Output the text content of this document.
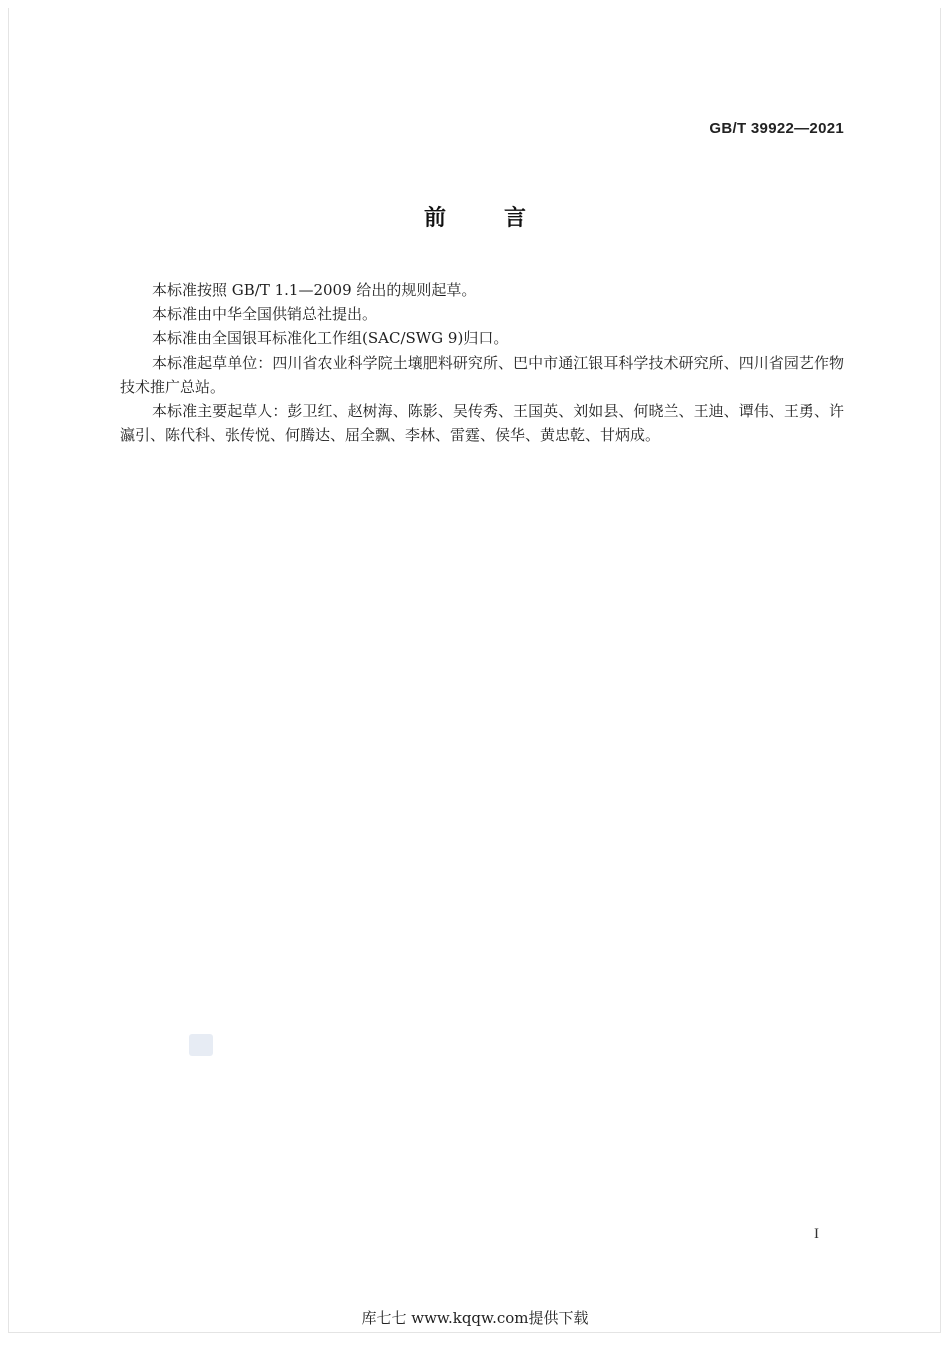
GB/T 39922—2021
前	言

本标准按照 GB/T 1.1—2009 给出的规则起草。

本标准由中华全国供销总社提出。

本标准由全国银耳标准化工作组(SAC/SWG 9)归口。

本标准起草单位：四川省农业科学院土壤肥料研究所、巴中市通江银耳科学技术研究所、四川省园艺作物技术推广总站。

本标准主要起草人：彭卫红、赵树海、陈影、吴传秀、王国英、刘如县、何晓兰、王迪、谭伟、王勇、许瀛引、陈代科、张传悦、何腾达、屈全飘、李林、雷霆、侯华、黄忠乾、甘炳成。

I
库七七 www.kqqw.com提供下载
